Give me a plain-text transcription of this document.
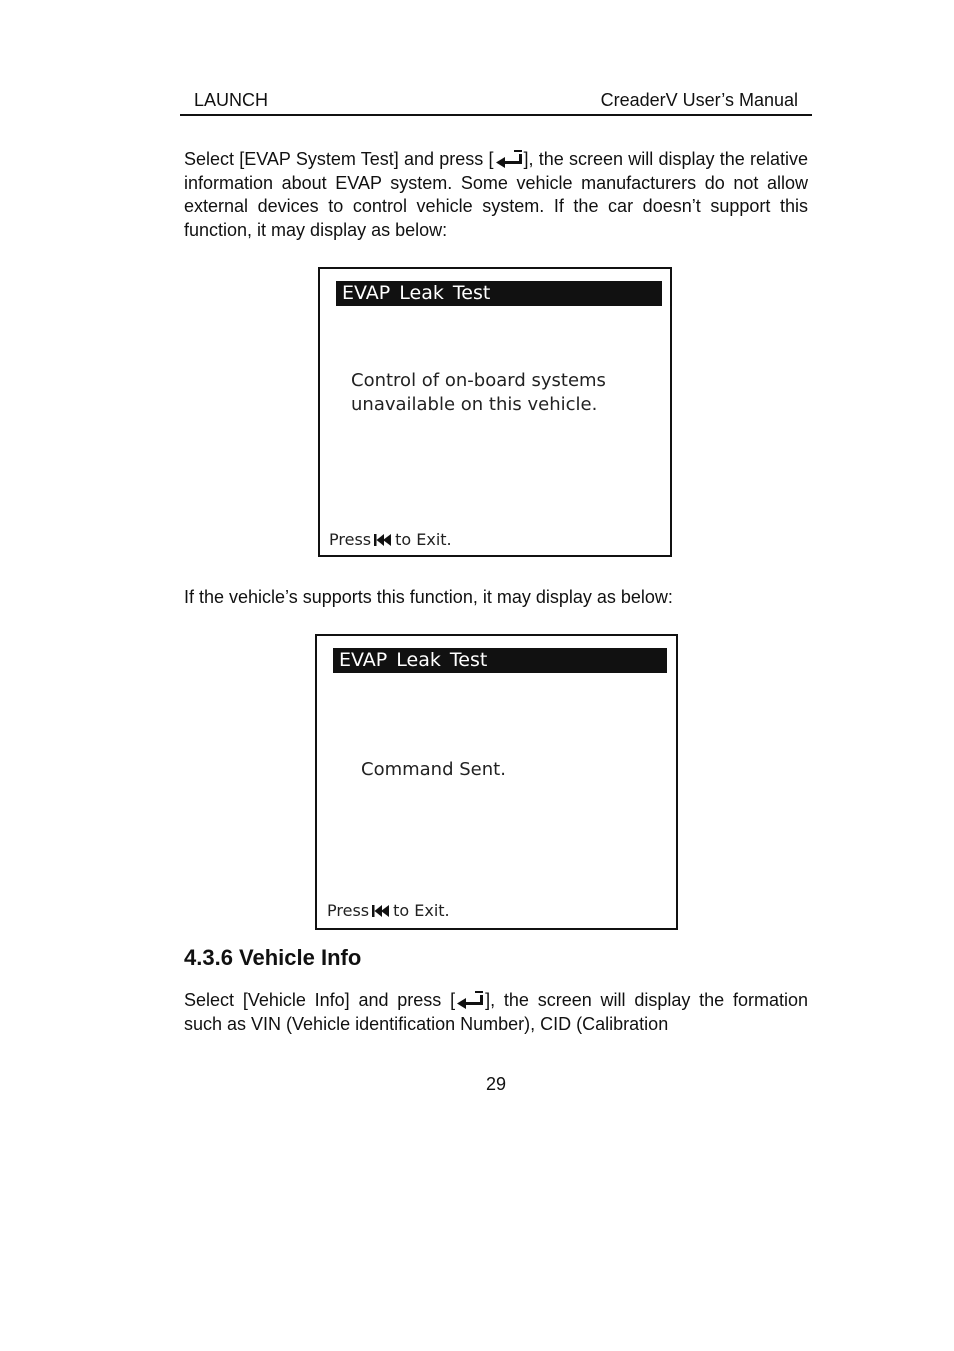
LAUNCH	CreaderV User’s Manual

Select [EVAP System Test] and press [ ], the screen will display the relative information about EVAP system. Some vehicle manufacturers do not allow external devices to control vehicle system. If the car doesn’t support this function, it may display as below:

EVAP Leak Test
Control of on-board systems
unavailable on this vehicle.
Press to Exit.

If the vehicle’s supports this function, it may display as below:

EVAP Leak Test
Command Sent.
Press to Exit.
4.3.6 Vehicle Info

Select [Vehicle Info] and press [ ], the screen will display the formation such as VIN (Vehicle identification Number), CID (Calibration

29
